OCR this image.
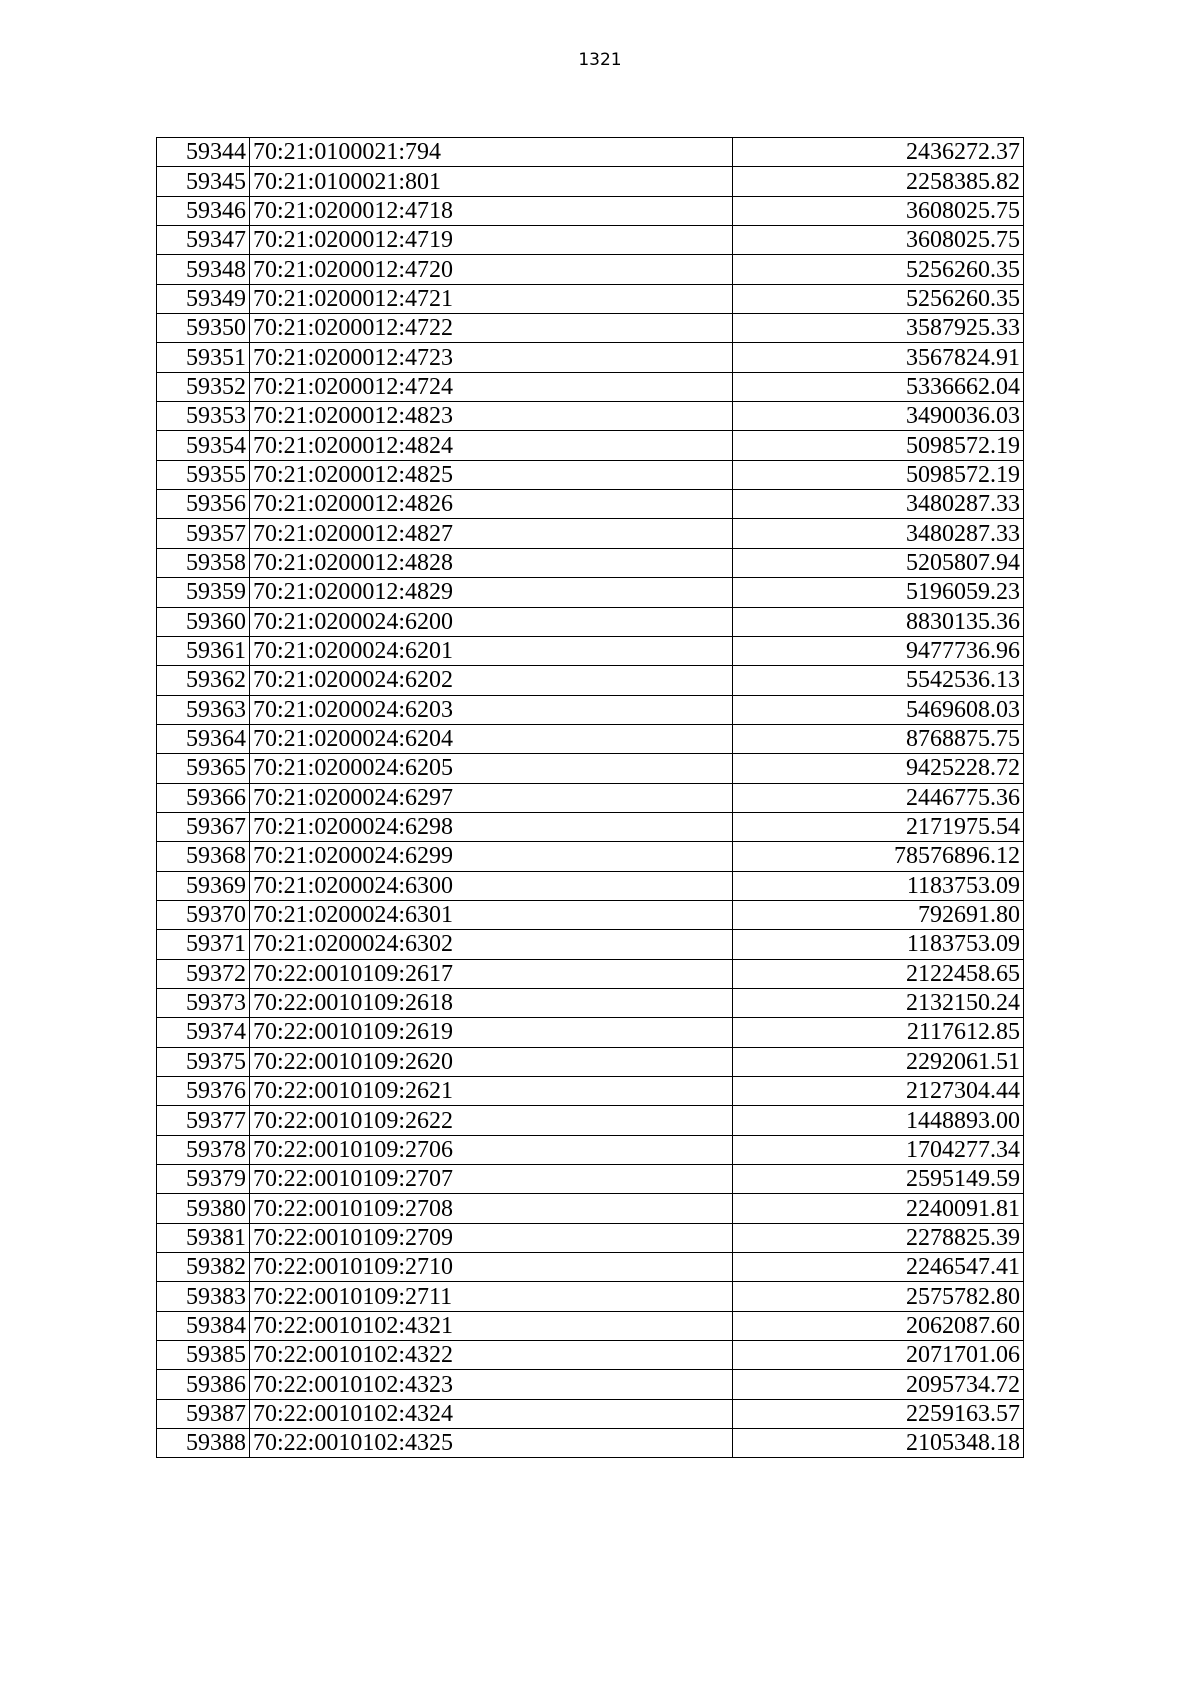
1321
59344	70:21:0100021:794	2436272.37
59345	70:21:0100021:801	2258385.82
59346	70:21:0200012:4718	3608025.75
59347	70:21:0200012:4719	3608025.75
59348	70:21:0200012:4720	5256260.35
59349	70:21:0200012:4721	5256260.35
59350	70:21:0200012:4722	3587925.33
59351	70:21:0200012:4723	3567824.91
59352	70:21:0200012:4724	5336662.04
59353	70:21:0200012:4823	3490036.03
59354	70:21:0200012:4824	5098572.19
59355	70:21:0200012:4825	5098572.19
59356	70:21:0200012:4826	3480287.33
59357	70:21:0200012:4827	3480287.33
59358	70:21:0200012:4828	5205807.94
59359	70:21:0200012:4829	5196059.23
59360	70:21:0200024:6200	8830135.36
59361	70:21:0200024:6201	9477736.96
59362	70:21:0200024:6202	5542536.13
59363	70:21:0200024:6203	5469608.03
59364	70:21:0200024:6204	8768875.75
59365	70:21:0200024:6205	9425228.72
59366	70:21:0200024:6297	2446775.36
59367	70:21:0200024:6298	2171975.54
59368	70:21:0200024:6299	78576896.12
59369	70:21:0200024:6300	1183753.09
59370	70:21:0200024:6301	792691.80
59371	70:21:0200024:6302	1183753.09
59372	70:22:0010109:2617	2122458.65
59373	70:22:0010109:2618	2132150.24
59374	70:22:0010109:2619	2117612.85
59375	70:22:0010109:2620	2292061.51
59376	70:22:0010109:2621	2127304.44
59377	70:22:0010109:2622	1448893.00
59378	70:22:0010109:2706	1704277.34
59379	70:22:0010109:2707	2595149.59
59380	70:22:0010109:2708	2240091.81
59381	70:22:0010109:2709	2278825.39
59382	70:22:0010109:2710	2246547.41
59383	70:22:0010109:2711	2575782.80
59384	70:22:0010102:4321	2062087.60
59385	70:22:0010102:4322	2071701.06
59386	70:22:0010102:4323	2095734.72
59387	70:22:0010102:4324	2259163.57
59388	70:22:0010102:4325	2105348.18
